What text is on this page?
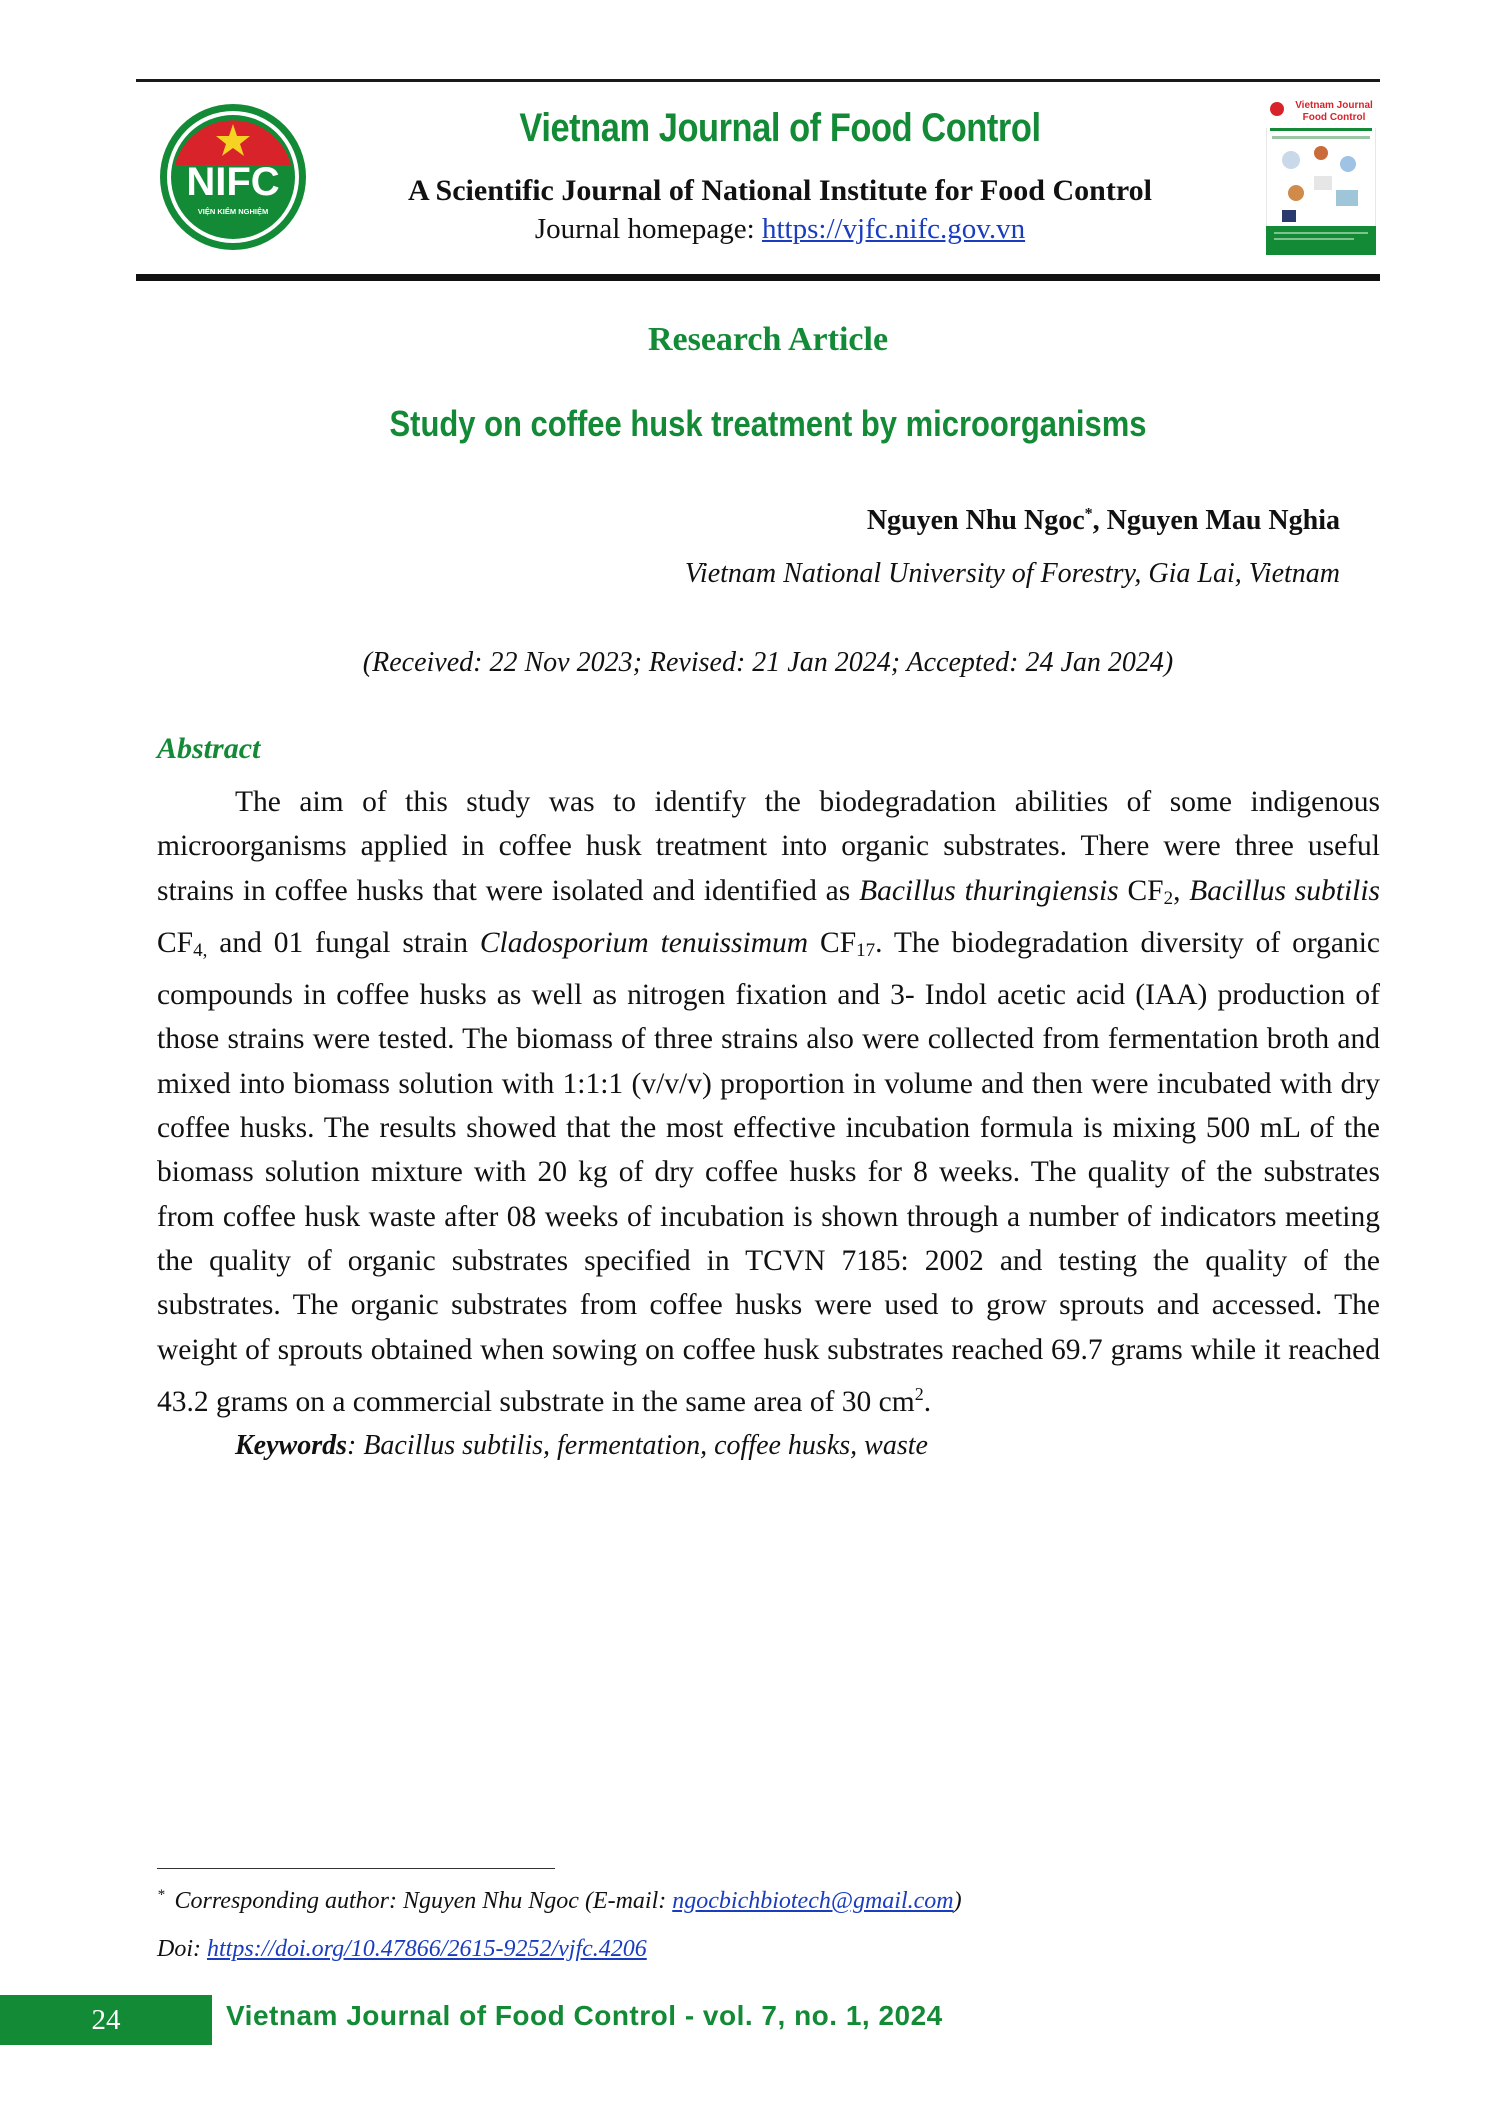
NIFC
VIỆN KIỂM NGHIỆM
Vietnam Journal of Food Control
A Scientific Journal of National Institute for Food Control
Journal homepage: https://vjfc.nifc.gov.vn
Vietnam Journal
Food Control
Research Article
Study on coffee husk treatment by microorganisms
Nguyen Nhu Ngoc*, Nguyen Mau Nghia
Vietnam National University of Forestry, Gia Lai, Vietnam
(Received: 22 Nov 2023; Revised: 21 Jan 2024; Accepted: 24 Jan 2024)
Abstract

The aim of this study was to identify the biodegradation abilities of some indigenous microorganisms applied in coffee husk treatment into organic substrates. There were three useful strains in coffee husks that were isolated and identified as Bacillus thuringiensis $CF_2$, Bacillus subtilis $CF_{4,}$ and 01 fungal strain Cladosporium tenuissimum $CF_{17}$. The biodegradation diversity of organic compounds in coffee husks as well as nitrogen fixation and 3- Indol acetic acid (IAA) production of those strains were tested. The biomass of three strains also were collected from fermentation broth and mixed into biomass solution with 1:1:1 (v/v/v) proportion in volume and then were incubated with dry coffee husks. The results showed that the most effective incubation formula is mixing 500 mL of the biomass solution mixture with 20 kg of dry coffee husks for 8 weeks. The quality of the substrates from coffee husk waste after 08 weeks of incubation is shown through a number of indicators meeting the quality of organic substrates specified in TCVN 7185: 2002 and testing the quality of the substrates. The organic substrates from coffee husks were used to grow sprouts and accessed. The weight of sprouts obtained when sowing on coffee husk substrates reached 69.7 grams while it reached 43.2 grams on a commercial substrate in the same area of 30 $cm^2$.

Keywords: Bacillus subtilis, fermentation, coffee husks, waste

* Corresponding author: Nguyen Nhu Ngoc (E-mail: ngocbichbiotech@gmail.com)
Doi: https://doi.org/10.47866/2615-9252/vjfc.4206
24	Vietnam Journal of Food Control - vol. 7, no. 1, 2024
